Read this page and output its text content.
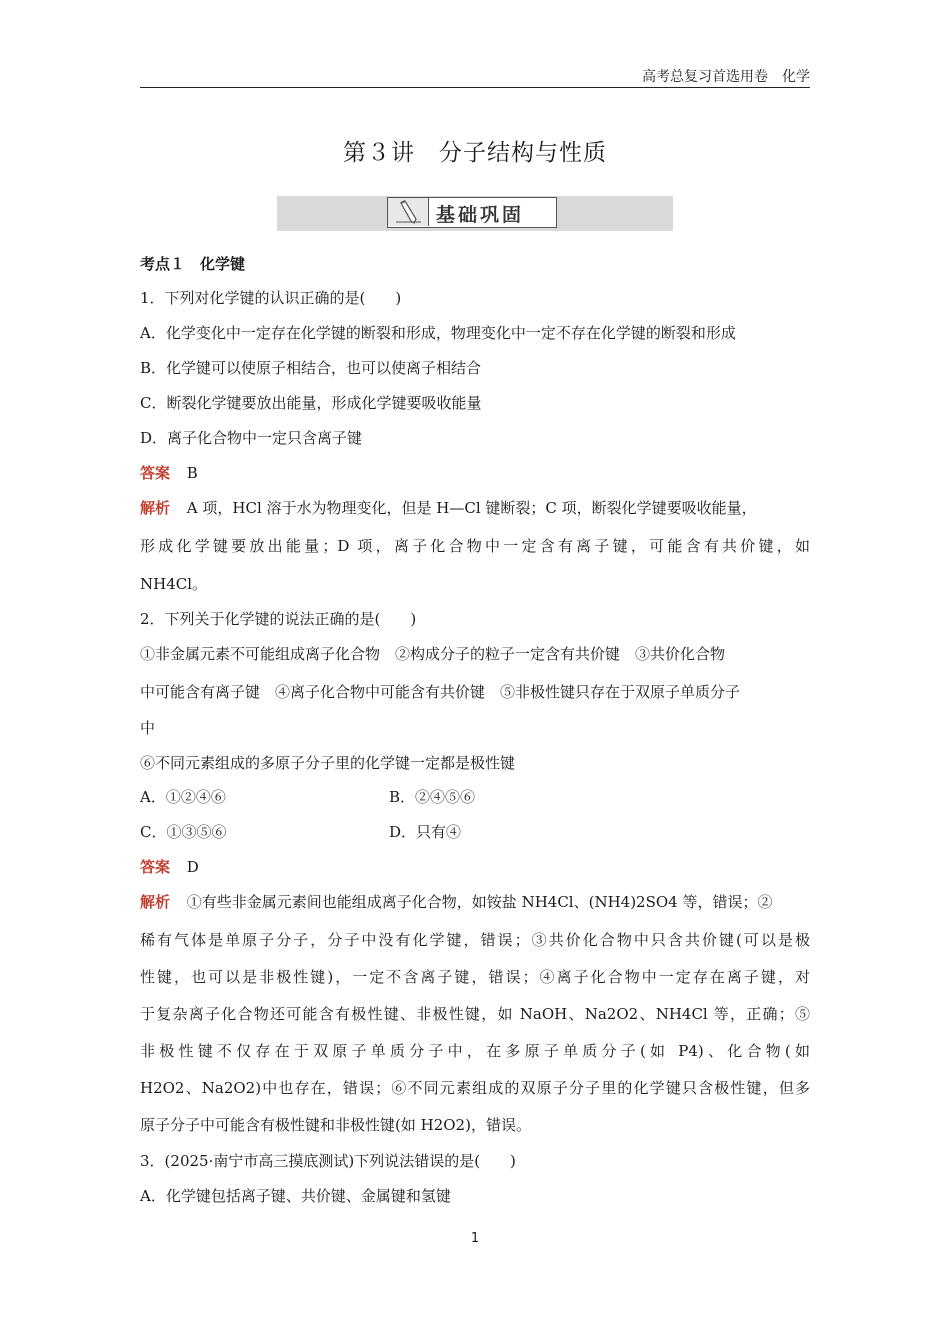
高考总复习首选用卷　化学
第３讲　分子结构与性质
基础巩固
考点１　化学键
1．下列对化学键的认识正确的是(　　)
A．化学变化中一定存在化学键的断裂和形成，物理变化中一定不存在化学键的断裂和形成
B．化学键可以使原子相结合，也可以使离子相结合
C．断裂化学键要放出能量，形成化学键要吸收能量
D．离子化合物中一定只含离子键
答案 B
解析 A 项，HCl 溶于水为物理变化，但是 H—Cl 键断裂；C 项，断裂化学键要吸收能量，
形成化学键要放出能量；D 项，离子化合物中一定含有离子键，可能含有共价键，如
NH4Cl。
2．下列关于化学键的说法正确的是(　　)
①非金属元素不可能组成离子化合物　②构成分子的粒子一定含有共价键　③共价化合物
中可能含有离子键　④离子化合物中可能含有共价键　⑤非极性键只存在于双原子单质分子
中
⑥不同元素组成的多原子分子里的化学键一定都是极性键
A．①②④⑥	B．②④⑤⑥
C．①③⑤⑥	D．只有④
答案 D
解析 ①有些非金属元素间也能组成离子化合物，如铵盐 NH4Cl、(NH4)2SO4 等，错误；②
稀有气体是单原子分子，分子中没有化学键，错误；③共价化合物中只含共价键(可以是极
性键，也可以是非极性键)，一定不含离子键，错误；④离子化合物中一定存在离子键，对
于复杂离子化合物还可能含有极性键、非极性键，如 NaOH、Na2O2、NH4Cl 等，正确；⑤
非极性键不仅存在于双原子单质分子中，在多原子单质分子(如 P4)、化合物(如
H2O2、Na2O2)中也存在，错误；⑥不同元素组成的双原子分子里的化学键只含极性键，但多
原子分子中可能含有极性键和非极性键(如 H2O2)，错误。
3．(2025·南宁市高三摸底测试)下列说法错误的是(　　)
A．化学键包括离子键、共价键、金属键和氢键
1
